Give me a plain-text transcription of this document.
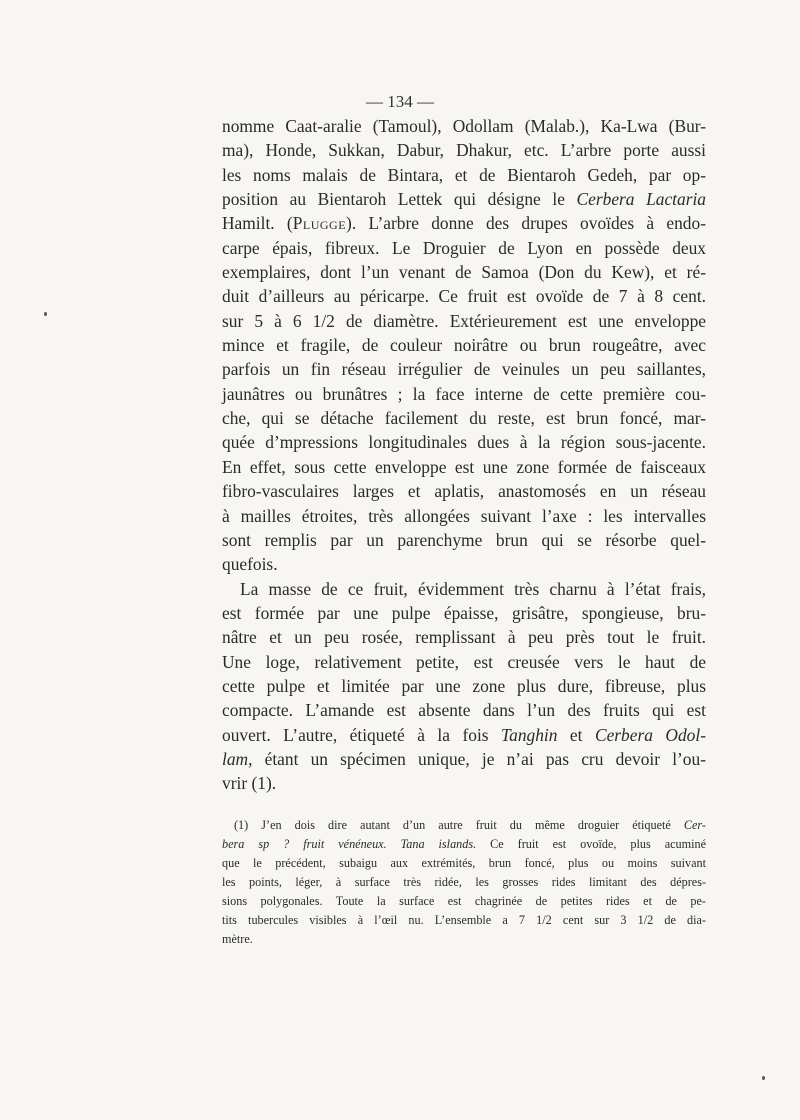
— 134 —
nomme Caat-aralie (Tamoul), Odollam (Malab.), Ka-Lwa (Bur-
ma), Honde, Sukkan, Dabur, Dhakur, etc. L’arbre porte aussi
les noms malais de Bintara, et de Bientaroh Gedeh, par op-
position au Bientaroh Lettek qui désigne le Cerbera Lactaria
Hamilt. (Plugge). L’arbre donne des drupes ovoïdes à endo-
carpe épais, fibreux. Le Droguier de Lyon en possède deux
exemplaires, dont l’un venant de Samoa (Don du Kew), et ré-
duit d’ailleurs au péricarpe. Ce fruit est ovoïde de 7 à 8 cent.
sur 5 à 6 1/2 de diamètre. Extérieurement est une enveloppe
mince et fragile, de couleur noirâtre ou brun rougeâtre, avec
parfois un fin réseau irrégulier de veinules un peu saillantes,
jaunâtres ou brunâtres ; la face interne de cette première cou-
che, qui se détache facilement du reste, est brun foncé, mar-
quée d’mpressions longitudinales dues à la région sous-jacente.
En effet, sous cette enveloppe est une zone formée de faisceaux
fibro-vasculaires larges et aplatis, anastomosés en un réseau
à mailles étroites, très allongées suivant l’axe : les intervalles
sont remplis par un parenchyme brun qui se résorbe quel-
quefois.
La masse de ce fruit, évidemment très charnu à l’état frais,
est formée par une pulpe épaisse, grisâtre, spongieuse, bru-
nâtre et un peu rosée, remplissant à peu près tout le fruit.
Une loge, relativement petite, est creusée vers le haut de
cette pulpe et limitée par une zone plus dure, fibreuse, plus
compacte. L’amande est absente dans l’un des fruits qui est
ouvert. L’autre, étiqueté à la fois Tanghin et Cerbera Odol-
lam, étant un spécimen unique, je n’ai pas cru devoir l’ou-
vrir (1).
(1) J’en dois dire autant d’un autre fruit du même droguier étiqueté Cer-
bera sp ? fruit vénéneux. Tana islands. Ce fruit est ovoïde, plus acuminé
que le précédent, subaigu aux extrémités, brun foncé, plus ou moins suivant
les points, léger, à surface très ridée, les grosses rides limitant des dépres-
sions polygonales. Toute la surface est chagrinée de petites rides et de pe-
tits tubercules visibles à l’œil nu. L’ensemble a 7 1/2 cent sur 3 1/2 de dia-
mètre.
